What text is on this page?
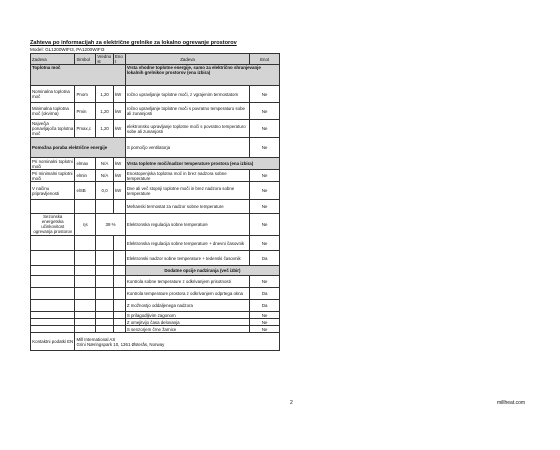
Zahteva po informacijah za električne grelnike za lokalno ogrevanje prostorov
Model: GL1200WIFI3, PA1200WIFI3
Zadeva	Simbol	Vrednost	Enot	Zadeva	Enot
Toplotna moč				Vrsta vhodne toplotne energije, samo za električno shranjevanje lokalnih grelnikov prostorov (ena izbira)	
Nominalna toplotna moč	Pnom	1,20	kW	ročno upravljanje toplotne moči, z vgrajenim termostatom	Ne
Minimalna toplotna moč (okvirna)	Pmin	1,20	kW	ročno upravljanje toplotne moči s povratno temperaturo sobe ali zunanjosti	Ne
Največja ponavljajoča toplotna moč	Pmax,c	1,20	kW	elektronsko upravljanje toplotne moči s povratno temperaturo sobe ali zunanjosti	Ne
Pomožna poraba električne energije				S pomočjo ventilatorja	Ne
Pri nominalni toplotni moči	elmax	N/A	kW	Vrsta toplotne moči/nadzor temperature prostora (ena izbira)	
Pri minimalni toplotni moči	elmin	N/A	kW	Enostopenjska toplotna moč in brez nadzora sobne temperature	Ne
V načinu pripravljenosti	elSB	0,0	kW	Dve ali več stopnji toplotne moči in brez nadzora sobne temperature	Ne
				Mehanski termostat za nadzor sobne temperature	Ne
Sezonska energetska učinkovitost ogrevanja prostorov	ηs	39 %		Elektronska regulacija sobne temperature	Ne
				Elektronska regulacija sobne temperature + dnevni časovnik	Ne
				Elektronski nadzor sobne temperature + tedenski časovnik	Da
				Dodatne opcije nadziranja (več izbir)	
				Kontrola sobne temperature z odkrivanjem prisotnosti	Ne
				Kontrola temperature prostora z odkrivanjem odprtega okna	Da
				Z možnostjo oddaljenega nadzora	Da
				S prilagodljivim zagonom	Ne
				Z omejitvijo časa delovanja	Ne
				S senzorjem črne žarnice	Ne
Kontaktni podatki EN	Mill International AS
Grini Næringspark 10, 1361 Østerås, Norway				
2	millheat.com
